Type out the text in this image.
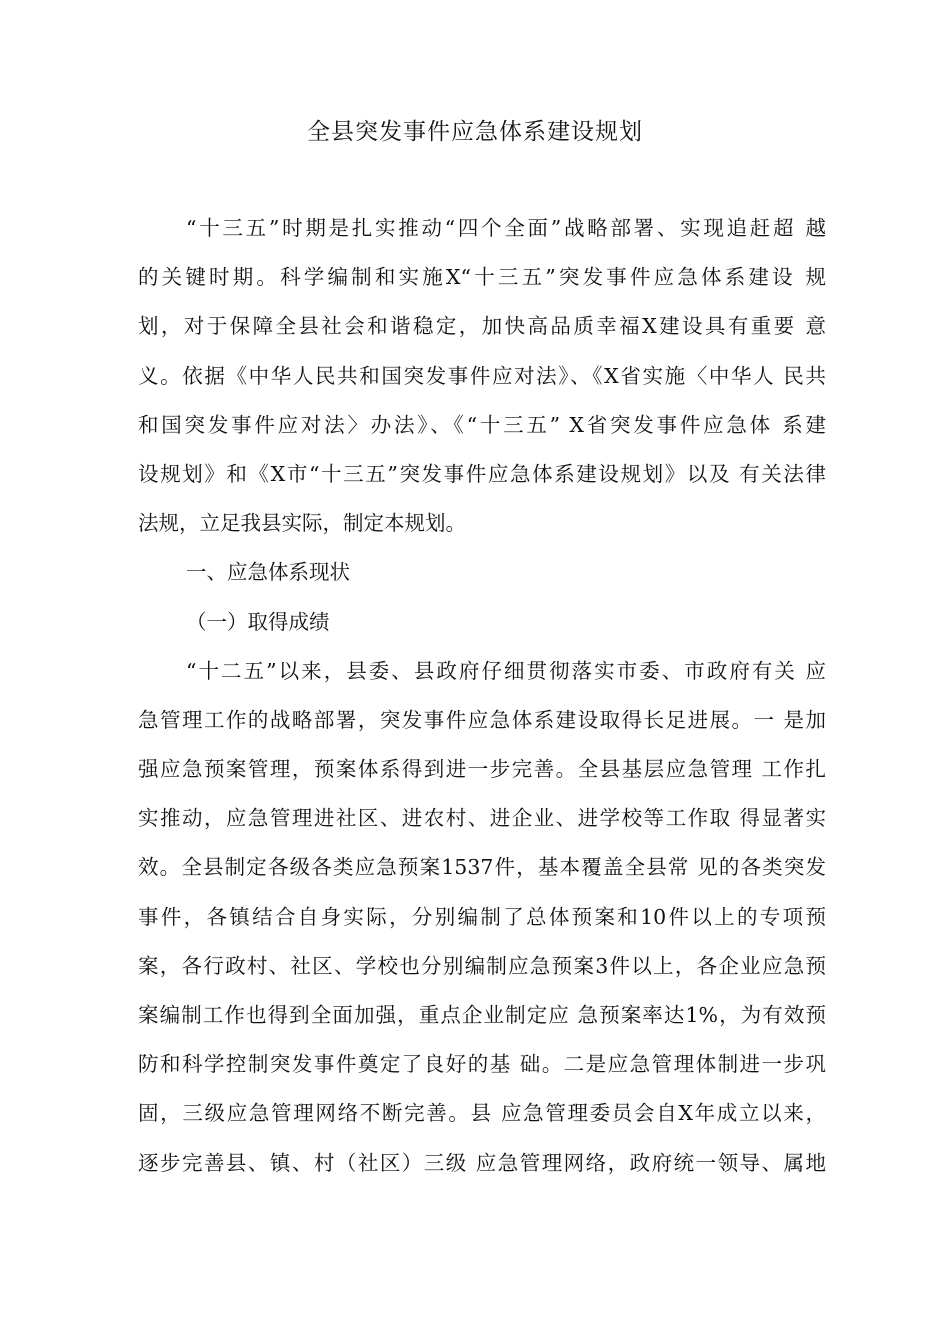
全县突发事件应急体系建设规划
“十三五”时期是扎实推动“四个全面”战略部署、实现追赶超 越
的关键时期。科学编制和实施X“十三五”突发事件应急体系建设 规
划，对于保障全县社会和谐稳定，加快高品质幸福X建设具有重要 意
义。依据《中华人民共和国突发事件应对法》、《X省实施〈中华人 民共
和国突发事件应对法〉办法》、《“十三五” X省突发事件应急体 系建
设规划》和《X市“十三五”突发事件应急体系建设规划》以及 有关法律
法规，立足我县实际，制定本规划。
一、应急体系现状
（一）取得成绩
“十二五”以来，县委、县政府仔细贯彻落实市委、市政府有关 应
急管理工作的战略部署，突发事件应急体系建设取得长足进展。一 是加
强应急预案管理，预案体系得到进一步完善。全县基层应急管理 工作扎
实推动，应急管理进社区、进农村、进企业、进学校等工作取 得显著实
效。全县制定各级各类应急预案1537件，基本覆盖全县常 见的各类突发
事件，各镇结合自身实际，分别编制了总体预案和10件以上的专项预
案，各行政村、社区、学校也分别编制应急预案3件以上，各企业应急预
案编制工作也得到全面加强，重点企业制定应 急预案率达1%，为有效预
防和科学控制突发事件奠定了良好的基 础。二是应急管理体制进一步巩
固，三级应急管理网络不断完善。县 应急管理委员会自X年成立以来，
逐步完善县、镇、村（社区）三级 应急管理网络，政府统一领导、属地
